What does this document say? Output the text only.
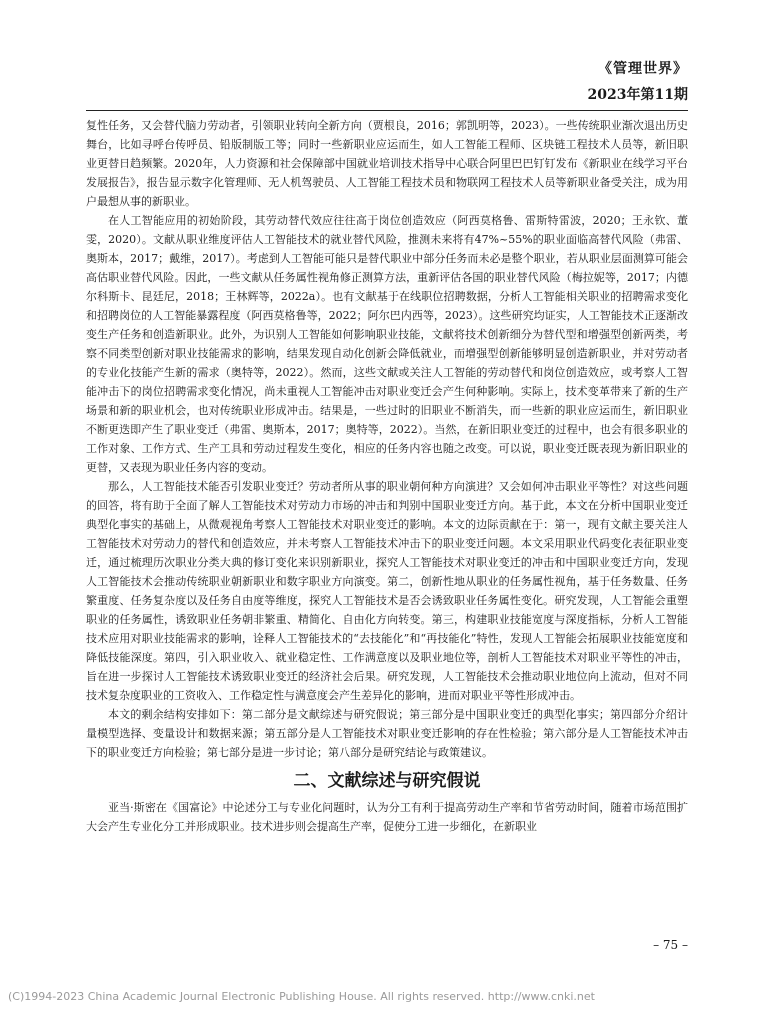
《管理世界》
2023年第11期

复性任务，又会替代脑力劳动者，引领职业转向全新方向（贾根良，2016；郭凯明等，2023）。一些传统职业渐次退出历史舞台，比如寻呼台传呼员、铅版制版工等；同时一些新职业应运而生，如人工智能工程师、区块链工程技术人员等，新旧职业更替日趋频繁。2020年，人力资源和社会保障部中国就业培训技术指导中心联合阿里巴巴钉钉发布《新职业在线学习平台发展报告》，报告显示数字化管理师、无人机驾驶员、人工智能工程技术员和物联网工程技术人员等新职业备受关注，成为用户最想从事的新职业。

在人工智能应用的初始阶段，其劳动替代效应往往高于岗位创造效应（阿西莫格鲁、雷斯特雷波，2020；王永钦、董雯，2020）。文献从职业维度评估人工智能技术的就业替代风险，推测未来将有47%~55%的职业面临高替代风险（弗雷、奥斯本，2017；戴维，2017）。考虑到人工智能可能只是替代职业中部分任务而未必是整个职业，若从职业层面测算可能会高估职业替代风险。因此，一些文献从任务属性视角修正测算方法，重新评估各国的职业替代风险（梅拉妮等，2017；内德尔科斯卡、昆廷尼，2018；王林辉等，2022a）。也有文献基于在线职位招聘数据，分析人工智能相关职业的招聘需求变化和招聘岗位的人工智能暴露程度（阿西莫格鲁等，2022；阿尔巴内西等，2023）。这些研究均证实，人工智能技术正逐渐改变生产任务和创造新职业。此外，为识别人工智能如何影响职业技能，文献将技术创新细分为替代型和增强型创新两类，考察不同类型创新对职业技能需求的影响，结果发现自动化创新会降低就业，而增强型创新能够明显创造新职业，并对劳动者的专业化技能产生新的需求（奥特等，2022）。然而，这些文献或关注人工智能的劳动替代和岗位创造效应，或考察人工智能冲击下的岗位招聘需求变化情况，尚未重视人工智能冲击对职业变迁会产生何种影响。实际上，技术变革带来了新的生产场景和新的职业机会，也对传统职业形成冲击。结果是，一些过时的旧职业不断消失，而一些新的职业应运而生，新旧职业不断更迭即产生了职业变迁（弗雷、奥斯本，2017；奥特等，2022）。当然，在新旧职业变迁的过程中，也会有很多职业的工作对象、工作方式、生产工具和劳动过程发生变化，相应的任务内容也随之改变。可以说，职业变迁既表现为新旧职业的更替，又表现为职业任务内容的变动。

那么，人工智能技术能否引发职业变迁？劳动者所从事的职业朝何种方向演进？又会如何冲击职业平等性？对这些问题的回答，将有助于全面了解人工智能技术对劳动力市场的冲击和判别中国职业变迁方向。基于此，本文在分析中国职业变迁典型化事实的基础上，从微观视角考察人工智能技术对职业变迁的影响。本文的边际贡献在于：第一，现有文献主要关注人工智能技术对劳动力的替代和创造效应，并未考察人工智能技术冲击下的职业变迁问题。本文采用职业代码变化表征职业变迁，通过梳理历次职业分类大典的修订变化来识别新职业，探究人工智能技术对职业变迁的冲击和中国职业变迁方向，发现人工智能技术会推动传统职业朝新职业和数字职业方向演变。第二，创新性地从职业的任务属性视角，基于任务数量、任务繁重度、任务复杂度以及任务自由度等维度，探究人工智能技术是否会诱致职业任务属性变化。研究发现，人工智能会重塑职业的任务属性，诱致职业任务朝非繁重、精简化、自由化方向转变。第三，构建职业技能宽度与深度指标，分析人工智能技术应用对职业技能需求的影响，诠释人工智能技术的“去技能化”和“再技能化”特性，发现人工智能会拓展职业技能宽度和降低技能深度。第四，引入职业收入、就业稳定性、工作满意度以及职业地位等，剖析人工智能技术对职业平等性的冲击，旨在进一步探讨人工智能技术诱致职业变迁的经济社会后果。研究发现，人工智能技术会推动职业地位向上流动，但对不同技术复杂度职业的工资收入、工作稳定性与满意度会产生差异化的影响，进而对职业平等性形成冲击。

本文的剩余结构安排如下：第二部分是文献综述与研究假说；第三部分是中国职业变迁的典型化事实；第四部分介绍计量模型选择、变量设计和数据来源；第五部分是人工智能技术对职业变迁影响的存在性检验；第六部分是人工智能技术冲击下的职业变迁方向检验；第七部分是进一步讨论；第八部分是研究结论与政策建议。

二、文献综述与研究假说

亚当·斯密在《国富论》中论述分工与专业化问题时，认为分工有利于提高劳动生产率和节省劳动时间，随着市场范围扩大会产生专业化分工并形成职业。技术进步则会提高生产率，促使分工进一步细化，在新职业

– 75 –
(C)1994-2023 China Academic Journal Electronic Publishing House. All rights reserved. http://www.cnki.net
